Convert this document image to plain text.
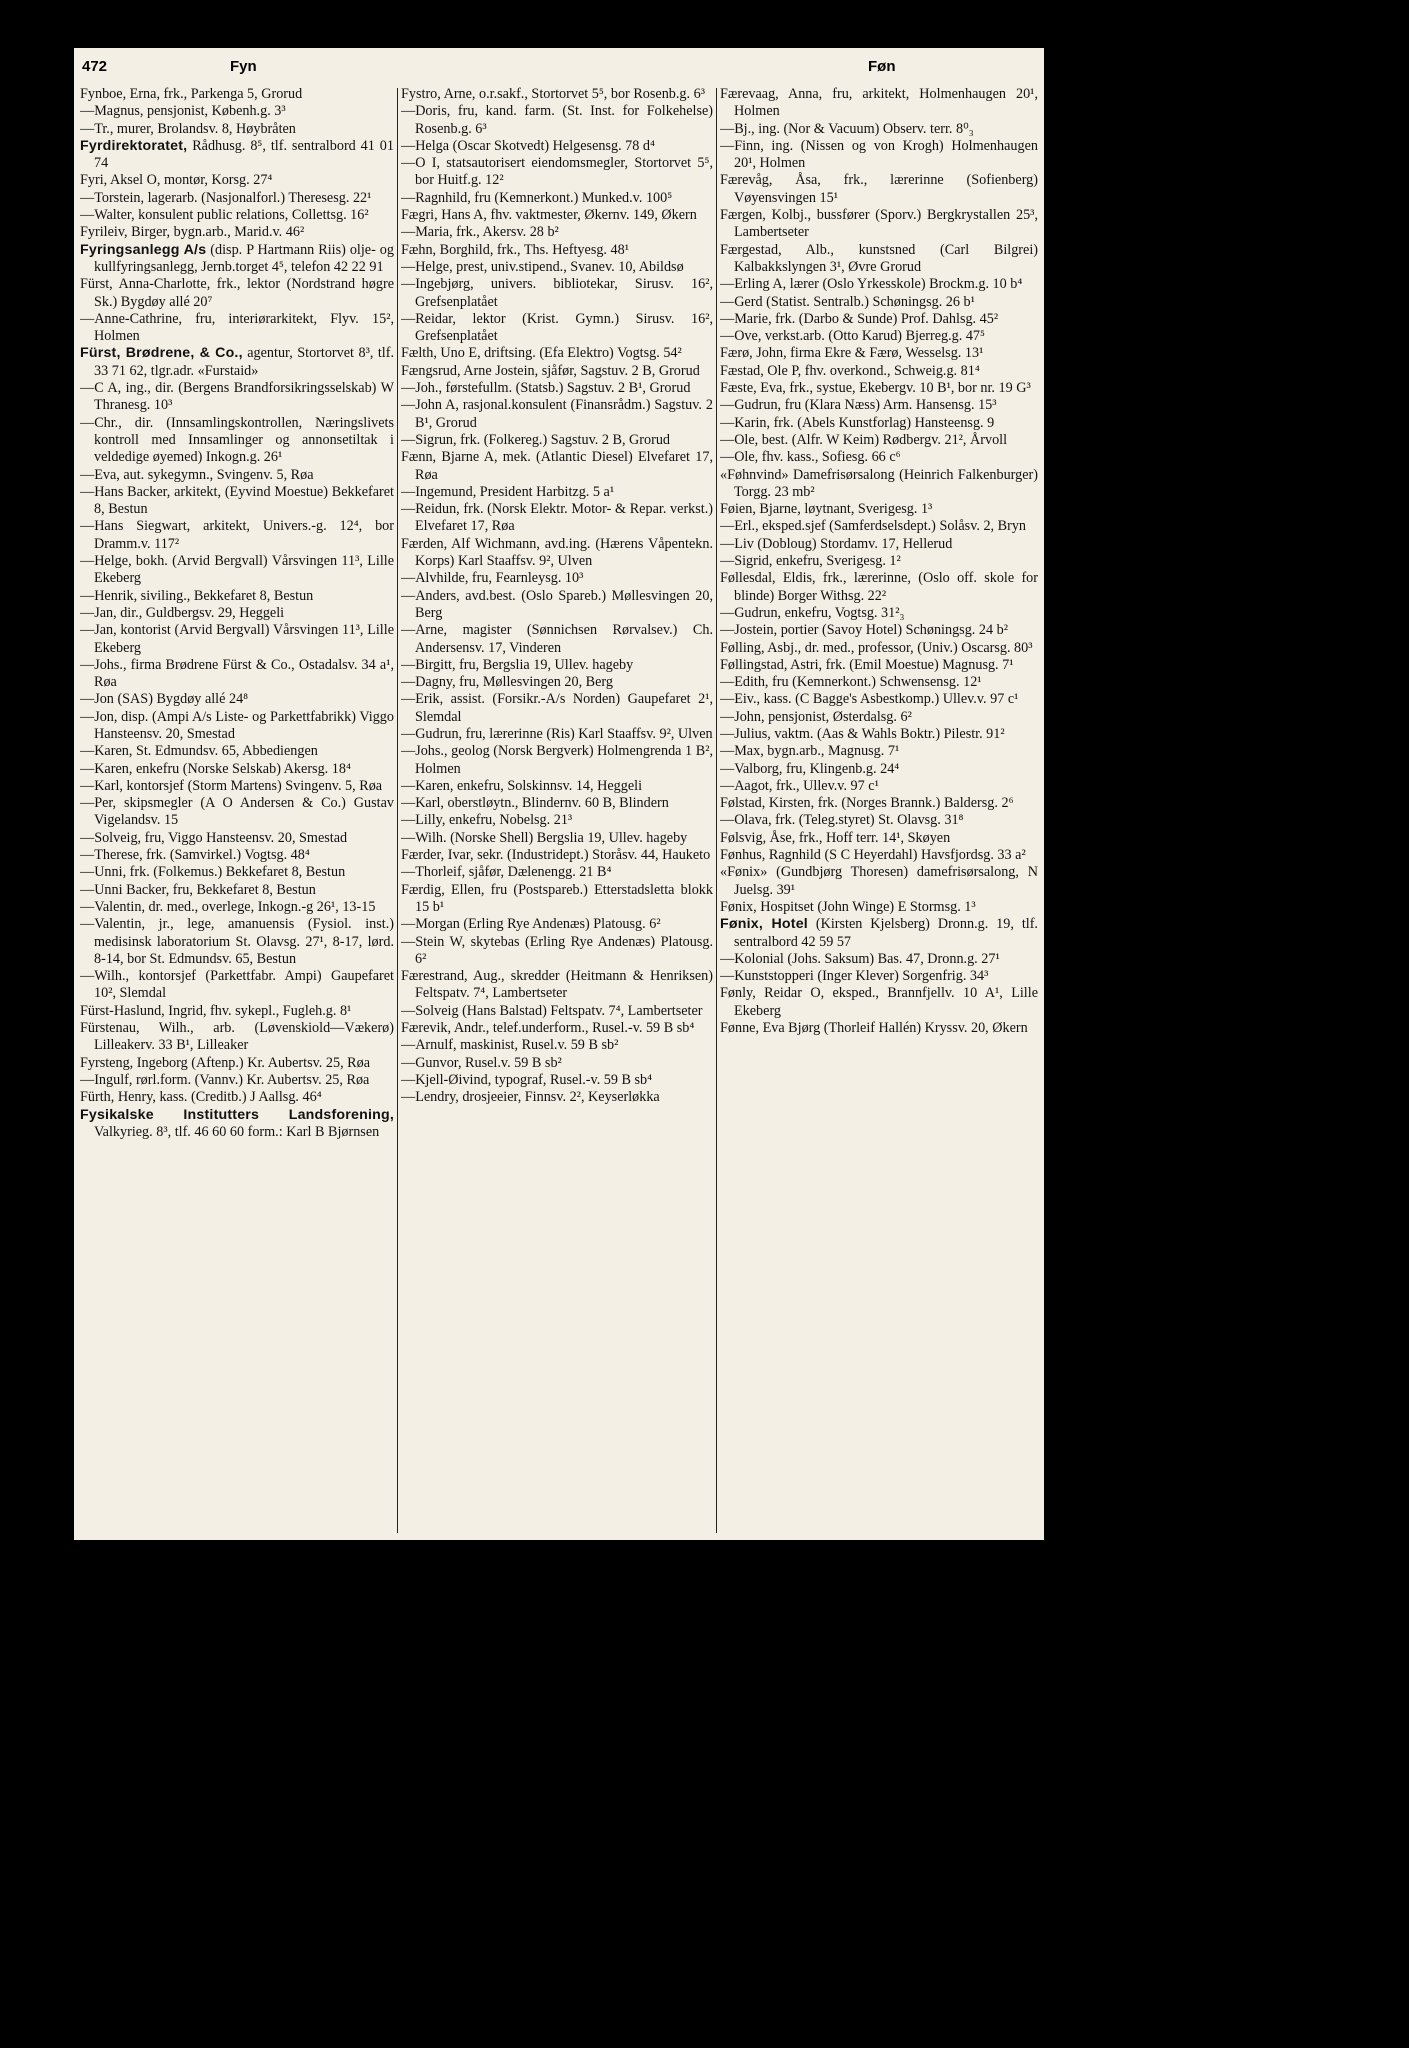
472	Fyn	Føn

Fynboe, Erna, frk., Parkenga 5, Grorud

—Magnus, pensjonist, Københ.g. 3³

—Tr., murer, Brolandsv. 8, Høybråten

Fyrdirektoratet, Rådhusg. 8⁵, tlf. sentralbord 41 01 74

Fyri, Aksel O, montør, Korsg. 27⁴

—Torstein, lagerarb. (Nasjonalforl.) Theresesg. 22¹

—Walter, konsulent public relations, Collettsg. 16²

Fyrileiv, Birger, bygn.arb., Marid.v. 46²

Fyringsanlegg A/s (disp. P Hartmann Riis) olje- og kullfyringsanlegg, Jernb.torget 4⁵, telefon 42 22 91

Fürst, Anna-Charlotte, frk., lektor (Nordstrand høgre Sk.) Bygdøy allé 20⁷

—Anne-Cathrine, fru, interiørarkitekt, Flyv. 15², Holmen

Fürst, Brødrene, & Co., agentur, Stortorvet 8³, tlf. 33 71 62, tlgr.adr. «Furstaid»

—C A, ing., dir. (Bergens Brandforsikringsselskab) W Thranesg. 10³

—Chr., dir. (Innsamlingskontrollen, Næringslivets kontroll med Innsamlinger og annonsetiltak i veldedige øyemed) Inkogn.g. 26¹

—Eva, aut. sykegymn., Svingenv. 5, Røa

—Hans Backer, arkitekt, (Eyvind Moestue) Bekkefaret 8, Bestun

—Hans Siegwart, arkitekt, Univers.-g. 12⁴, bor Dramm.v. 117²

—Helge, bokh. (Arvid Bergvall) Vårsvingen 11³, Lille Ekeberg

—Henrik, siviling., Bekkefaret 8, Bestun

—Jan, dir., Guldbergsv. 29, Heggeli

—Jan, kontorist (Arvid Bergvall) Vårsvingen 11³, Lille Ekeberg

—Johs., firma Brødrene Fürst & Co., Ostadalsv. 34 a¹, Røa

—Jon (SAS) Bygdøy allé 24⁸

—Jon, disp. (Ampi A/s Liste- og Parkettfabrikk) Viggo Hansteensv. 20, Smestad

—Karen, St. Edmundsv. 65, Abbediengen

—Karen, enkefru (Norske Selskab) Akersg. 18⁴

—Karl, kontorsjef (Storm Martens) Svingenv. 5, Røa

—Per, skipsmegler (A O Andersen & Co.) Gustav Vigelandsv. 15

—Solveig, fru, Viggo Hansteensv. 20, Smestad

—Therese, frk. (Samvirkel.) Vogtsg. 48⁴

—Unni, frk. (Folkemus.) Bekkefaret 8, Bestun

—Unni Backer, fru, Bekkefaret 8, Bestun

—Valentin, dr. med., overlege, Inkogn.-g 26¹, 13-15

—Valentin, jr., lege, amanuensis (Fysiol. inst.) medisinsk laboratorium St. Olavsg. 27¹, 8-17, lørd. 8-14, bor St. Edmundsv. 65, Bestun

—Wilh., kontorsjef (Parkettfabr. Ampi) Gaupefaret 10², Slemdal

Fürst-Haslund, Ingrid, fhv. sykepl., Fugleh.g. 8¹

Fürstenau, Wilh., arb. (Løvenskiold—Vækerø) Lilleakerv. 33 B¹, Lilleaker

Fyrsteng, Ingeborg (Aftenp.) Kr. Aubertsv. 25, Røa

—Ingulf, rørl.form. (Vannv.) Kr. Aubertsv. 25, Røa

Fürth, Henry, kass. (Creditb.) J Aallsg. 46⁴

Fysikalske Institutters Landsforening, Valkyrieg. 8³, tlf. 46 60 60 form.: Karl B Bjørnsen

Fystro, Arne, o.r.sakf., Stortorvet 5⁵, bor Rosenb.g. 6³

—Doris, fru, kand. farm. (St. Inst. for Folkehelse) Rosenb.g. 6³

—Helga (Oscar Skotvedt) Helgesensg. 78 d⁴

—O I, statsautorisert eiendomsmegler, Stortorvet 5⁵, bor Huitf.g. 12²

—Ragnhild, fru (Kemnerkont.) Munked.v. 100⁵

Fægri, Hans A, fhv. vaktmester, Økernv. 149, Økern

—Maria, frk., Akersv. 28 b²

Fæhn, Borghild, frk., Ths. Heftyesg. 48¹

—Helge, prest, univ.stipend., Svanev. 10, Abildsø

—Ingebjørg, univers. bibliotekar, Sirusv. 16², Grefsenplatået

—Reidar, lektor (Krist. Gymn.) Sirusv. 16², Grefsenplatået

Fælth, Uno E, driftsing. (Efa Elektro) Vogtsg. 54²

Fængsrud, Arne Jostein, sjåfør, Sagstuv. 2 B, Grorud

—Joh., førstefullm. (Statsb.) Sagstuv. 2 B¹, Grorud

—John A, rasjonal.konsulent (Finansrådm.) Sagstuv. 2 B¹, Grorud

—Sigrun, frk. (Folkereg.) Sagstuv. 2 B, Grorud

Fænn, Bjarne A, mek. (Atlantic Diesel) Elvefaret 17, Røa

—Ingemund, President Harbitzg. 5 a¹

—Reidun, frk. (Norsk Elektr. Motor- & Repar. verkst.) Elvefaret 17, Røa

Færden, Alf Wichmann, avd.ing. (Hærens Våpentekn. Korps) Karl Staaffsv. 9², Ulven

—Alvhilde, fru, Fearnleysg. 10³

—Anders, avd.best. (Oslo Spareb.) Møllesvingen 20, Berg

—Arne, magister (Sønnichsen Rørvalsev.) Ch. Andersensv. 17, Vinderen

—Birgitt, fru, Bergslia 19, Ullev. hageby

—Dagny, fru, Møllesvingen 20, Berg

—Erik, assist. (Forsikr.-A/s Norden) Gaupefaret 2¹, Slemdal

—Gudrun, fru, lærerinne (Ris) Karl Staaffsv. 9², Ulven

—Johs., geolog (Norsk Bergverk) Holmengrenda 1 B², Holmen

—Karen, enkefru, Solskinnsv. 14, Heggeli

—Karl, oberstløytn., Blindernv. 60 B, Blindern

—Lilly, enkefru, Nobelsg. 21³

—Wilh. (Norske Shell) Bergslia 19, Ullev. hageby

Færder, Ivar, sekr. (Industridept.) Storåsv. 44, Hauketo

—Thorleif, sjåfør, Dælenengg. 21 B⁴

Færdig, Ellen, fru (Postspareb.) Etterstadsletta blokk 15 b¹

—Morgan (Erling Rye Andenæs) Platousg. 6²

—Stein W, skytebas (Erling Rye Andenæs) Platousg. 6²

Færestrand, Aug., skredder (Heitmann & Henriksen) Feltspatv. 7⁴, Lambertseter

—Solveig (Hans Balstad) Feltspatv. 7⁴, Lambertseter

Færevik, Andr., telef.underform., Rusel.-v. 59 B sb⁴

—Arnulf, maskinist, Rusel.v. 59 B sb²

—Gunvor, Rusel.v. 59 B sb²

—Kjell-Øivind, typograf, Rusel.-v. 59 B sb⁴

—Lendry, drosjeeier, Finnsv. 2², Keyserløkka

Færevaag, Anna, fru, arkitekt, Holmenhaugen 20¹, Holmen

—Bj., ing. (Nor & Vacuum) Observ. terr. 8⁰₃

—Finn, ing. (Nissen og von Krogh) Holmenhaugen 20¹, Holmen

Færevåg, Åsa, frk., lærerinne (Sofienberg) Vøyensvingen 15¹

Færgen, Kolbj., bussfører (Sporv.) Bergkrystallen 25³, Lambertseter

Færgestad, Alb., kunstsned (Carl Bilgrei) Kalbakkslyngen 3¹, Øvre Grorud

—Erling A, lærer (Oslo Yrkesskole) Brockm.g. 10 b⁴

—Gerd (Statist. Sentralb.) Schøningsg. 26 b¹

—Marie, frk. (Darbo & Sunde) Prof. Dahlsg. 45²

—Ove, verkst.arb. (Otto Karud) Bjerreg.g. 47⁵

Færø, John, firma Ekre & Færø, Wesselsg. 13¹

Fæstad, Ole P, fhv. overkond., Schweig.g. 81⁴

Fæste, Eva, frk., systue, Ekebergv. 10 B¹, bor nr. 19 G³

—Gudrun, fru (Klara Næss) Arm. Hansensg. 15³

—Karin, frk. (Abels Kunstforlag) Hansteensg. 9

—Ole, best. (Alfr. W Keim) Rødbergv. 21², Årvoll

—Ole, fhv. kass., Sofiesg. 66 c⁶

«Føhnvind» Damefrisørsalong (Heinrich Falkenburger) Torgg. 23 mb²

Føien, Bjarne, løytnant, Sverigesg. 1³

—Erl., eksped.sjef (Samferdselsdept.) Solåsv. 2, Bryn

—Liv (Doblоug) Stordamv. 17, Hellerud

—Sigrid, enkefru, Sverigesg. 1²

Føllesdal, Eldis, frk., lærerinne, (Oslo off. skole for blinde) Borger Withsg. 22²

—Gudrun, enkefru, Vogtsg. 31²₃

—Jostein, portier (Savoy Hotel) Schøningsg. 24 b²

Følling, Asbj., dr. med., professor, (Univ.) Oscarsg. 80³

Føllingstad, Astri, frk. (Emil Moestue) Magnusg. 7¹

—Edith, fru (Kemnerkont.) Schwensensg. 12¹

—Eiv., kass. (C Bagge's Asbestkomp.) Ullev.v. 97 c¹

—John, pensjonist, Østerdalsg. 6²

—Julius, vaktm. (Aas & Wahls Boktr.) Pilestr. 91²

—Max, bygn.arb., Magnusg. 7¹

—Valborg, fru, Klingenb.g. 24⁴

—Aagot, frk., Ullev.v. 97 c¹

Følstad, Kirsten, frk. (Norges Brannk.) Baldersg. 2⁶

—Olava, frk. (Teleg.styret) St. Olavsg. 31⁸

Følsvig, Åse, frk., Hoff terr. 14¹, Skøyen

Fønhus, Ragnhild (S C Heyerdahl) Havsfjordsg. 33 a²

«Fønix» (Gundbjørg Thoresen) damefrisørsalong, N Juelsg. 39¹

Fønix, Hospitset (John Winge) E Stormsg. 1³

Fønix, Hotel (Kirsten Kjelsberg) Dronn.g. 19, tlf. sentralbord 42 59 57

—Kolonial (Johs. Saksum) Bas. 47, Dronn.g. 27¹

—Kunststopperi (Inger Klever) Sorgenfrig. 34³

Fønly, Reidar O, eksped., Brannfjellv. 10 A¹, Lille Ekeberg

Fønne, Eva Bjørg (Thorleif Hallén) Kryssv. 20, Økern
